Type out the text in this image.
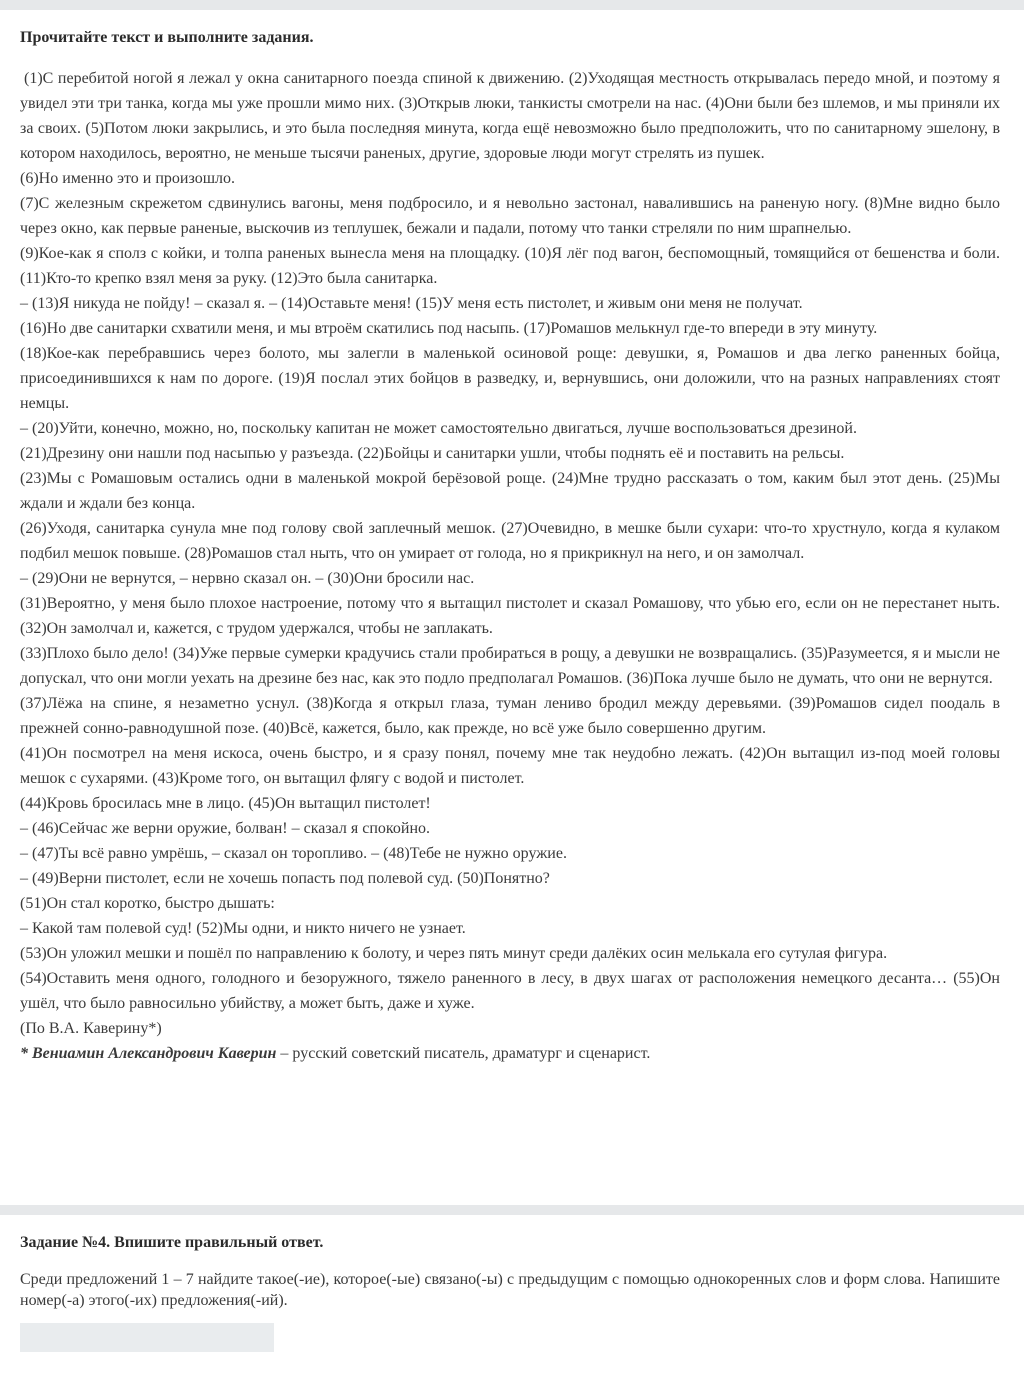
Прочитайте текст и выполните задания.

(1)С перебитой ногой я лежал у окна санитарного поезда спиной к движению. (2)Уходящая местность открывалась передо мной, и поэтому я увидел эти три танка, когда мы уже прошли мимо них. (3)Открыв люки, танкисты смотрели на нас. (4)Они были без шлемов, и мы приняли их за своих. (5)Потом люки закрылись, и это была последняя минута, когда ещё невозможно было предположить, что по санитарному эшелону, в котором находилось, вероятно, не меньше тысячи раненых, другие, здоровые люди могут стрелять из пушек.

(6)Но именно это и произошло.

(7)С железным скрежетом сдвинулись вагоны, меня подбросило, и я невольно застонал, навалившись на раненую ногу. (8)Мне видно было через окно, как первые раненые, выскочив из теплушек, бежали и падали, потому что танки стреляли по ним шрапнелью.

(9)Кое-как я сполз с койки, и толпа раненых вынесла меня на площадку. (10)Я лёг под вагон, беспомощный, томящийся от бешенства и боли. (11)Кто-то крепко взял меня за руку. (12)Это была санитарка.

– (13)Я никуда не пойду! – сказал я. – (14)Оставьте меня! (15)У меня есть пистолет, и живым они меня не получат.

(16)Но две санитарки схватили меня, и мы втроём скатились под насыпь. (17)Ромашов мелькнул где-то впереди в эту минуту.

(18)Кое-как перебравшись через болото, мы залегли в маленькой осиновой роще: девушки, я, Ромашов и два легко раненных бойца, присоединившихся к нам по дороге. (19)Я послал этих бойцов в разведку, и, вернувшись, они доложили, что на разных направлениях стоят немцы.

– (20)Уйти, конечно, можно, но, поскольку капитан не может самостоятельно двигаться, лучше воспользоваться дрезиной.

(21)Дрезину они нашли под насыпью у разъезда. (22)Бойцы и санитарки ушли, чтобы поднять её и поставить на рельсы.

(23)Мы с Ромашовым остались одни в маленькой мокрой берёзовой роще. (24)Мне трудно рассказать о том, каким был этот день. (25)Мы ждали и ждали без конца.

(26)Уходя, санитарка сунула мне под голову свой заплечный мешок. (27)Очевидно, в мешке были сухари: что-то хрустнуло, когда я кулаком подбил мешок повыше. (28)Ромашов стал ныть, что он умирает от голода, но я прикрикнул на него, и он замолчал.

– (29)Они не вернутся, – нервно сказал он. – (30)Они бросили нас.

(31)Вероятно, у меня было плохое настроение, потому что я вытащил пистолет и сказал Ромашову, что убью его, если он не перестанет ныть. (32)Он замолчал и, кажется, с трудом удержался, чтобы не заплакать.

(33)Плохо было дело! (34)Уже первые сумерки крадучись стали пробираться в рощу, а девушки не возвращались. (35)Разумеется, я и мысли не допускал, что они могли уехать на дрезине без нас, как это подло предполагал Ромашов. (36)Пока лучше было не думать, что они не вернутся.

(37)Лёжа на спине, я незаметно уснул. (38)Когда я открыл глаза, туман лениво бродил между деревьями. (39)Ромашов сидел поодаль в прежней сонно-равнодушной позе. (40)Всё, кажется, было, как прежде, но всё уже было совершенно другим.

(41)Он посмотрел на меня искоса, очень быстро, и я сразу понял, почему мне так неудобно лежать. (42)Он вытащил из-под моей головы мешок с сухарями. (43)Кроме того, он вытащил флягу с водой и пистолет.

(44)Кровь бросилась мне в лицо. (45)Он вытащил пистолет!

– (46)Сейчас же верни оружие, болван! – сказал я спокойно.

– (47)Ты всё равно умрёшь, – сказал он торопливо. – (48)Тебе не нужно оружие.

– (49)Верни пистолет, если не хочешь попасть под полевой суд. (50)Понятно?

(51)Он стал коротко, быстро дышать:

– Какой там полевой суд! (52)Мы одни, и никто ничего не узнает.

(53)Он уложил мешки и пошёл по направлению к болоту, и через пять минут среди далёких осин мелькала его сутулая фигура.

(54)Оставить меня одного, голодного и безоружного, тяжело раненного в лесу, в двух шагах от расположения немецкого десанта… (55)Он ушёл, что было равносильно убийству, а может быть, даже и хуже.

(По В.А. Каверину*)

* Вениамин Александрович Каверин – русский советский писатель, драматург и сценарист.

Задание №4. Впишите правильный ответ.
Среди предложений 1 – 7 найдите такое(-ие), которое(-ые) связано(-ы) с предыдущим с помощью однокоренных слов и форм слова. Напишите номер(-а) этого(-их) предложения(-ий).
